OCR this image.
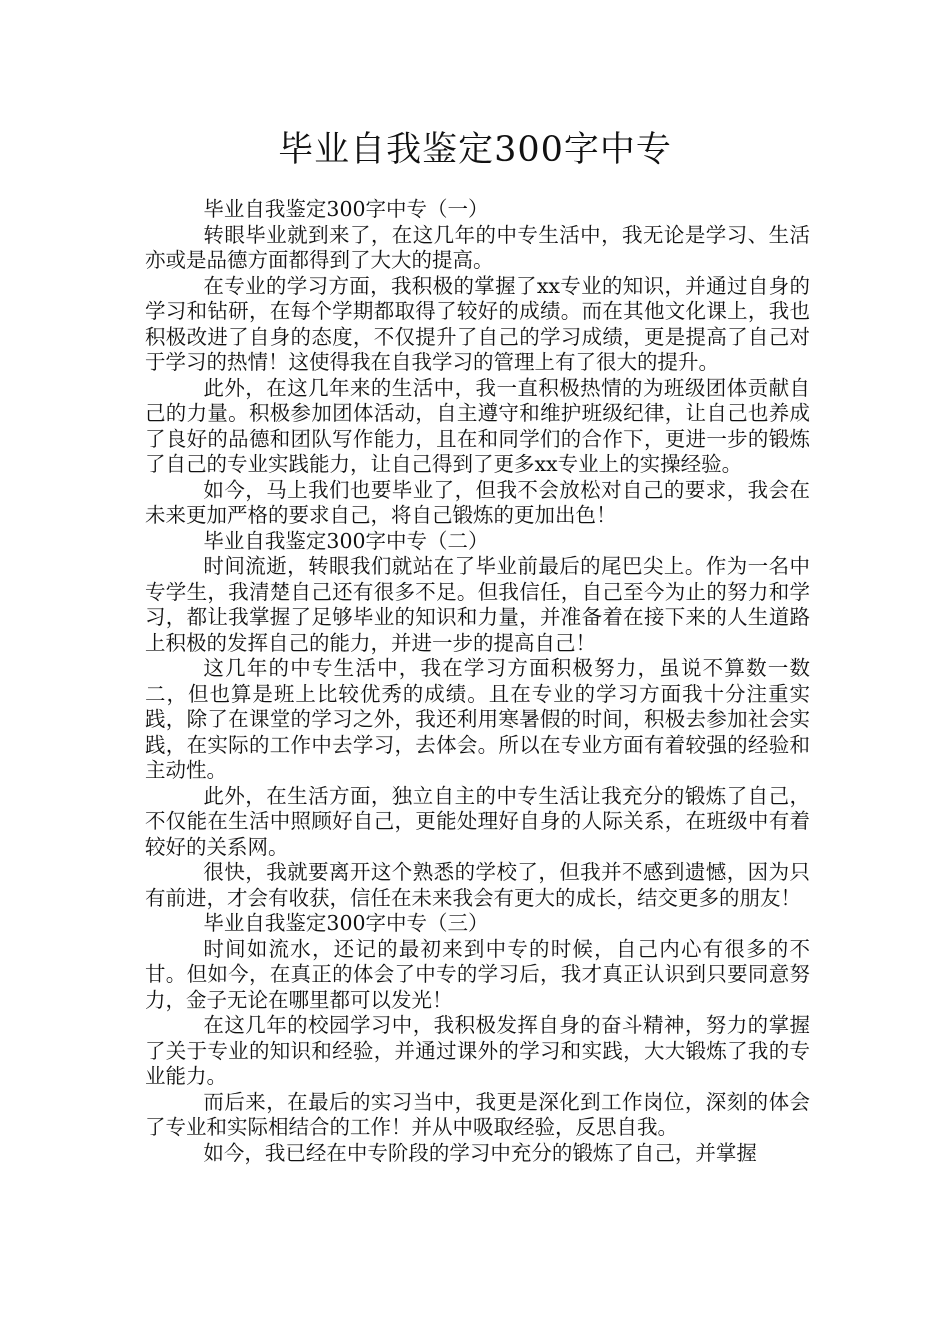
毕业自我鉴定300字中专

毕业自我鉴定300字中专（一）

转眼毕业就到来了，在这几年的中专生活中，我无论是学习、生活亦或是品德方面都得到了大大的提高。

在专业的学习方面，我积极的掌握了xx专业的知识，并通过自身的学习和钻研，在每个学期都取得了较好的成绩。而在其他文化课上，我也积极改进了自身的态度，不仅提升了自己的学习成绩，更是提高了自己对于学习的热情！这使得我在自我学习的管理上有了很大的提升。

此外，在这几年来的生活中，我一直积极热情的为班级团体贡献自己的力量。积极参加团体活动，自主遵守和维护班级纪律，让自己也养成了良好的品德和团队写作能力，且在和同学们的合作下，更进一步的锻炼了自己的专业实践能力，让自己得到了更多xx专业上的实操经验。

如今，马上我们也要毕业了，但我不会放松对自己的要求，我会在未来更加严格的要求自己，将自己锻炼的更加出色！

毕业自我鉴定300字中专（二）

时间流逝，转眼我们就站在了毕业前最后的尾巴尖上。作为一名中专学生，我清楚自己还有很多不足。但我信任，自己至今为止的努力和学习，都让我掌握了足够毕业的知识和力量，并准备着在接下来的人生道路上积极的发挥自己的能力，并进一步的提高自己！

这几年的中专生活中，我在学习方面积极努力，虽说不算数一数二，但也算是班上比较优秀的成绩。且在专业的学习方面我十分注重实践，除了在课堂的学习之外，我还利用寒暑假的时间，积极去参加社会实践，在实际的工作中去学习，去体会。所以在专业方面有着较强的经验和主动性。

此外，在生活方面，独立自主的中专生活让我充分的锻炼了自己，不仅能在生活中照顾好自己，更能处理好自身的人际关系，在班级中有着较好的关系网。

很快，我就要离开这个熟悉的学校了，但我并不感到遗憾，因为只有前进，才会有收获，信任在未来我会有更大的成长，结交更多的朋友！

毕业自我鉴定300字中专（三）

时间如流水，还记的最初来到中专的时候，自己内心有很多的不甘。但如今，在真正的体会了中专的学习后，我才真正认识到只要同意努力，金子无论在哪里都可以发光！

在这几年的校园学习中，我积极发挥自身的奋斗精神，努力的掌握了关于专业的知识和经验，并通过课外的学习和实践，大大锻炼了我的专业能力。

而后来，在最后的实习当中，我更是深化到工作岗位，深刻的体会了专业和实际相结合的工作！并从中吸取经验，反思自我。

如今，我已经在中专阶段的学习中充分的锻炼了自己，并掌握
